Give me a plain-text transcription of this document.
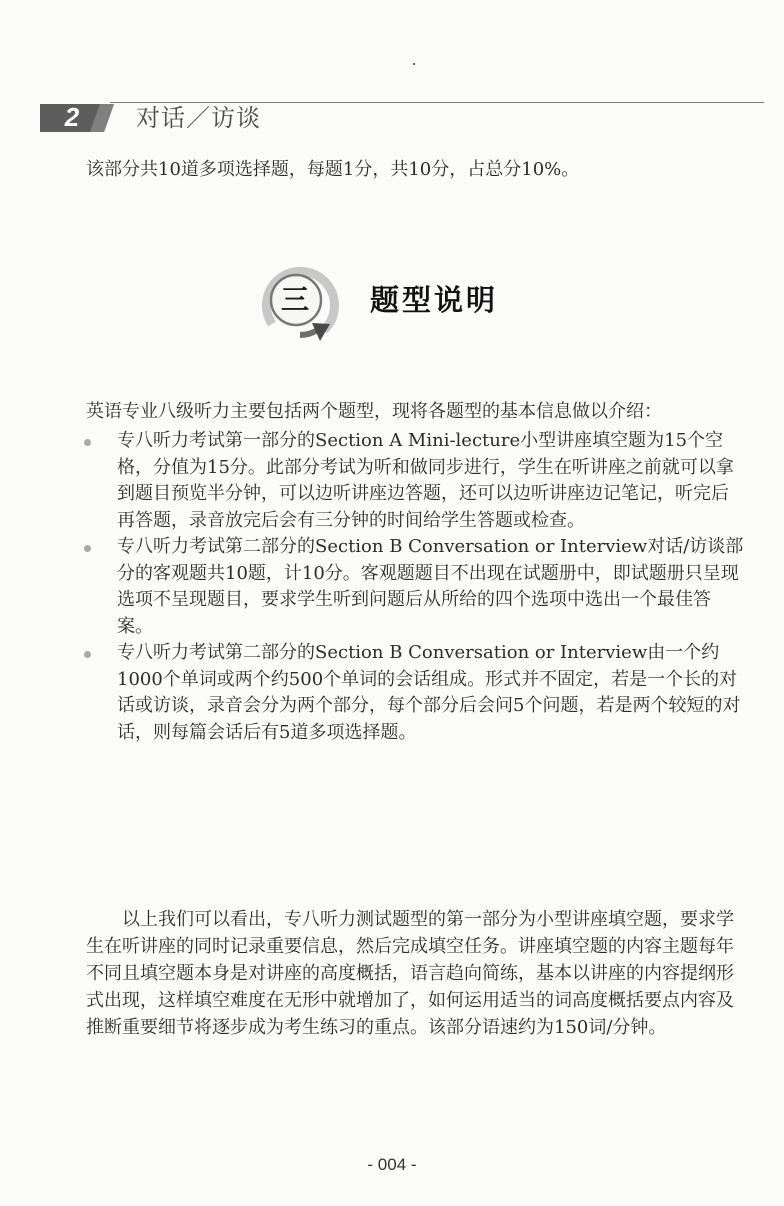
2 对话／访谈
该部分共10道多项选择题，每题1分，共10分，占总分10%。
三	题型说明
英语专业八级听力主要包括两个题型，现将各题型的基本信息做以介绍：
专八听力考试第一部分的Section A Mini-lecture小型讲座填空题为15个空格，分值为15分。此部分考试为听和做同步进行，学生在听讲座之前就可以拿到题目预览半分钟，可以边听讲座边答题，还可以边听讲座边记笔记，听完后再答题，录音放完后会有三分钟的时间给学生答题或检查。
专八听力考试第二部分的Section B Conversation or Interview对话/访谈部分的客观题共10题，计10分。客观题题目不出现在试题册中，即试题册只呈现选项不呈现题目，要求学生听到问题后从所给的四个选项中选出一个最佳答案。
专八听力考试第二部分的Section B Conversation or Interview由一个约1000个单词或两个约500个单词的会话组成。形式并不固定，若是一个长的对话或访谈，录音会分为两个部分，每个部分后会问5个问题，若是两个较短的对话，则每篇会话后有5道多项选择题。
以上我们可以看出，专八听力测试题型的第一部分为小型讲座填空题，要求学生在听讲座的同时记录重要信息，然后完成填空任务。讲座填空题的内容主题每年不同且填空题本身是对讲座的高度概括，语言趋向简练，基本以讲座的内容提纲形式出现，这样填空难度在无形中就增加了，如何运用适当的词高度概括要点内容及推断重要细节将逐步成为考生练习的重点。该部分语速约为150词/分钟。
- 004 -
